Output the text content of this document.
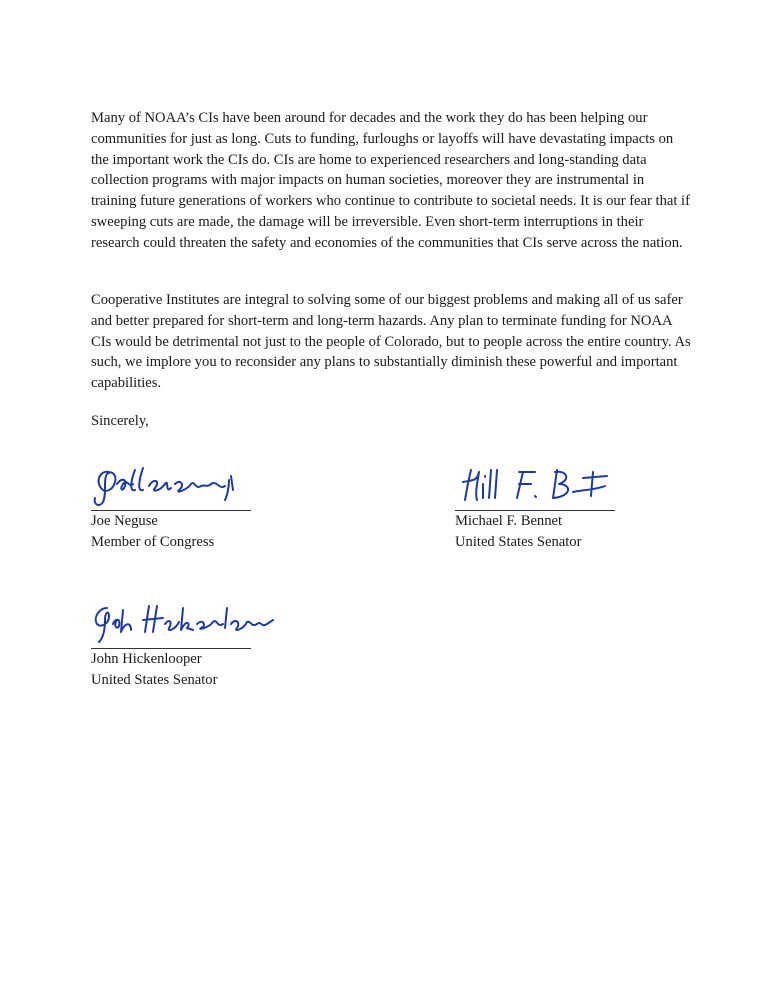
Many of NOAA’s CIs have been around for decades and the work they do has been helping our communities for just as long. Cuts to funding, furloughs or layoffs will have devastating impacts on the important work the CIs do. CIs are home to experienced researchers and long-standing data collection programs with major impacts on human societies, moreover they are instrumental in training future generations of workers who continue to contribute to societal needs. It is our fear that if sweeping cuts are made, the damage will be irreversible. Even short-term interruptions in their research could threaten the safety and economies of the communities that CIs serve across the nation.

Cooperative Institutes are integral to solving some of our biggest problems and making all of us safer and better prepared for short-term and long-term hazards. Any plan to terminate funding for NOAA CIs would be detrimental not just to the people of Colorado, but to people across the entire country. As such, we implore you to reconsider any plans to substantially diminish these powerful and important capabilities.

Sincerely,

Joe Neguse
Member of Congress
Michael F. Bennet
United States Senator
John Hickenlooper
United States Senator
